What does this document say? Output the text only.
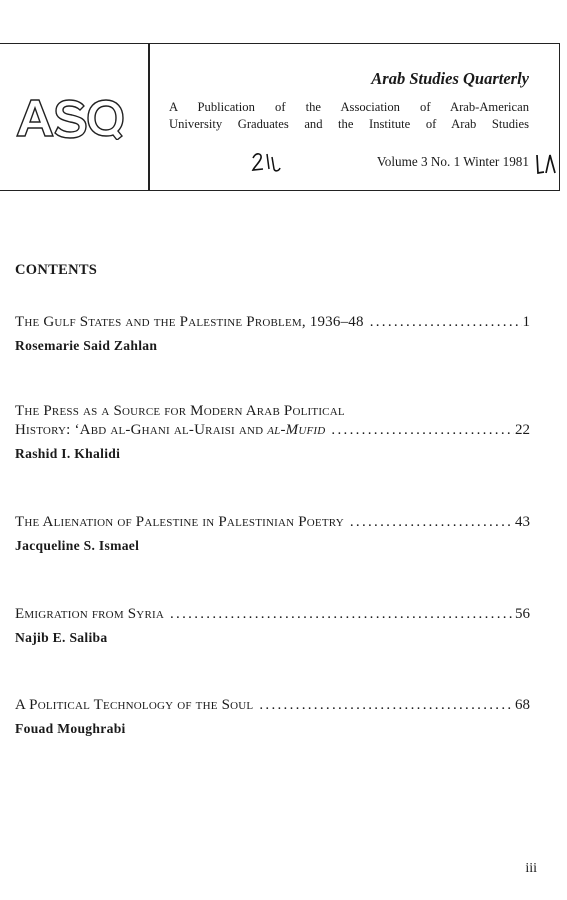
Arab Studies Quarterly
A Publication of the Association of Arab-American
University Graduates and the Institute of Arab Studies
Volume 3 No. 1 Winter 1981
CONTENTS
The Gulf States and the Palestine Problem, 1936–48 .....	1
Rosemarie Said Zahlan
The Press as a Source for Modern Arab Political
History: ‘Abd al-Ghani al-Uraisi and al-Mufid .....	22
Rashid I. Khalidi
The Alienation of Palestine in Palestinian Poetry .....	43
Jacqueline S. Ismael
Emigration from Syria .....	56
Najib E. Saliba
A Political Technology of the Soul .....	68
Fouad Moughrabi
iii
